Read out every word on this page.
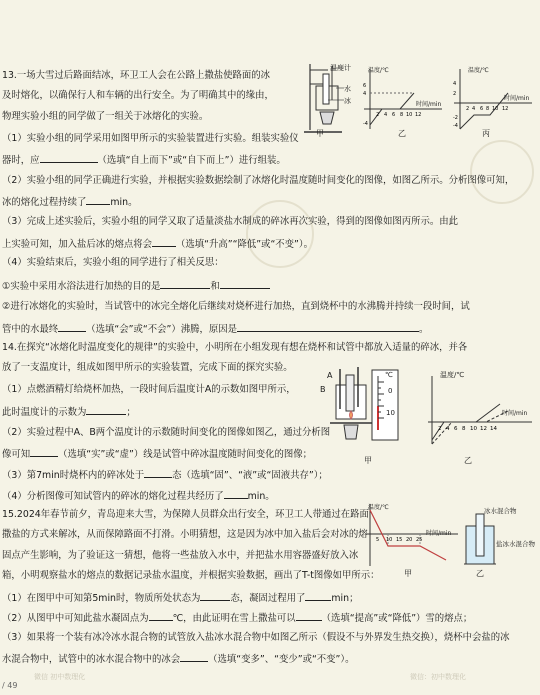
13.一场大雪过后路面结冰，环卫工人会在公路上撒盐使路面的冰
及时熔化，以确保行人和车辆的出行安全。为了明确其中的缘由，
物理实验小组的同学做了一组关于冰熔化的实验。
（1）实验小组的同学采用如图甲所示的实验装置进行实验。组装实验仪
器时，应	（选填“自上而下”或“自下而上”）进行组装。
（2）实验小组的同学正确进行实验，并根据实验数据绘制了冰熔化时温度随时间变化的图像，如图乙所示。分析图像可知，
冰的熔化过程持续了	min。
（3）完成上述实验后，实验小组的同学又取了适量淡盐水制成的碎冰再次实验，得到的图像如图丙所示。由此
上实验可知，加入盐后冰的熔点将会	（选填“升高”“降低”或“不变”）。
（4）实验结束后，实验小组的同学进行了相关反思：
①实验中采用水浴法进行加热的目的是	和
②进行冰熔化的实验时，当试管中的冰完全熔化后继续对烧杯进行加热，直到烧杯中的水沸腾并持续一段时间，试
管中的水最终	（选填“会”或“不会”）沸腾，原因是	。
温度计
水
冰
甲
2 4 6 8 10 12
4
6
-4
温度/℃
时间/min
乙
2 4 6 8 10 12
4
2
-2
-4
温度/℃
时间/min
丙
14.在探究“冰熔化时温度变化的规律”的实验中，小明所在小组发现有想在烧杯和试管中都放入适量的碎冰，并各
放了一支温度计，组成如图甲所示的实验装置，完成下面的探究实验。
（1）点燃酒精灯给烧杯加热，一段时间后温度计A的示数如图甲所示，
此时温度计的示数为	；
（2）实验过程中A、B两个温度计的示数随时间变化的图像如图乙，通过分析图
像可知	（选填“实”或“虚”）线是试管中碎冰温度随时间变化的图像；
（3）第7min时烧杯内的碎冰处于	态（选填“固”、“液”或“固液共存”）；
（4）分析图像可知试管内的碎冰的熔化过程共经历了	min。
A
B
℃
0
10
甲
2 4 6 8 10 12 14
温度/℃
时间/min
乙
15.2024年春节前夕，青岛迎来大雪，为保障人员群众出行安全，环卫工人带通过在路面
撒盐的方式来解冰，从而保障路面不打滑。小明猜想，这是因为冰中加入盐后会对冰的熔
固点产生影响，为了验证这一猜想，他将一些盐放入水中，并把盐水用容器盛好放入冰
箱，小明观察盐水的熔点的数据记录盐水温度，并根据实验数据，画出了T-t图像如甲所示：
（1）在图甲中可知第5min时，物质所处状态为	态，凝固过程用了	min；
（2）从图甲中可知此盐水凝固点为	℃，由此证明在雪上撒盐可以	（选填“提高”或“降低”）雪的熔点；
（3）如果将一个装有冰冷冰水混合物的试管放入盐冰水混合物中如图乙所示（假设不与外界发生热交换），烧杯中会盐的冰
水混合物中，试管中的冰水混合物中的冰会	（选填“变多”、“变少”或“不变”）。
5 10 15 20 25
温度/℃
时间/min
甲
冰水混合物
盐冰水混合物
乙
/ 49
微信 初中数理化	微信：初中数理化
